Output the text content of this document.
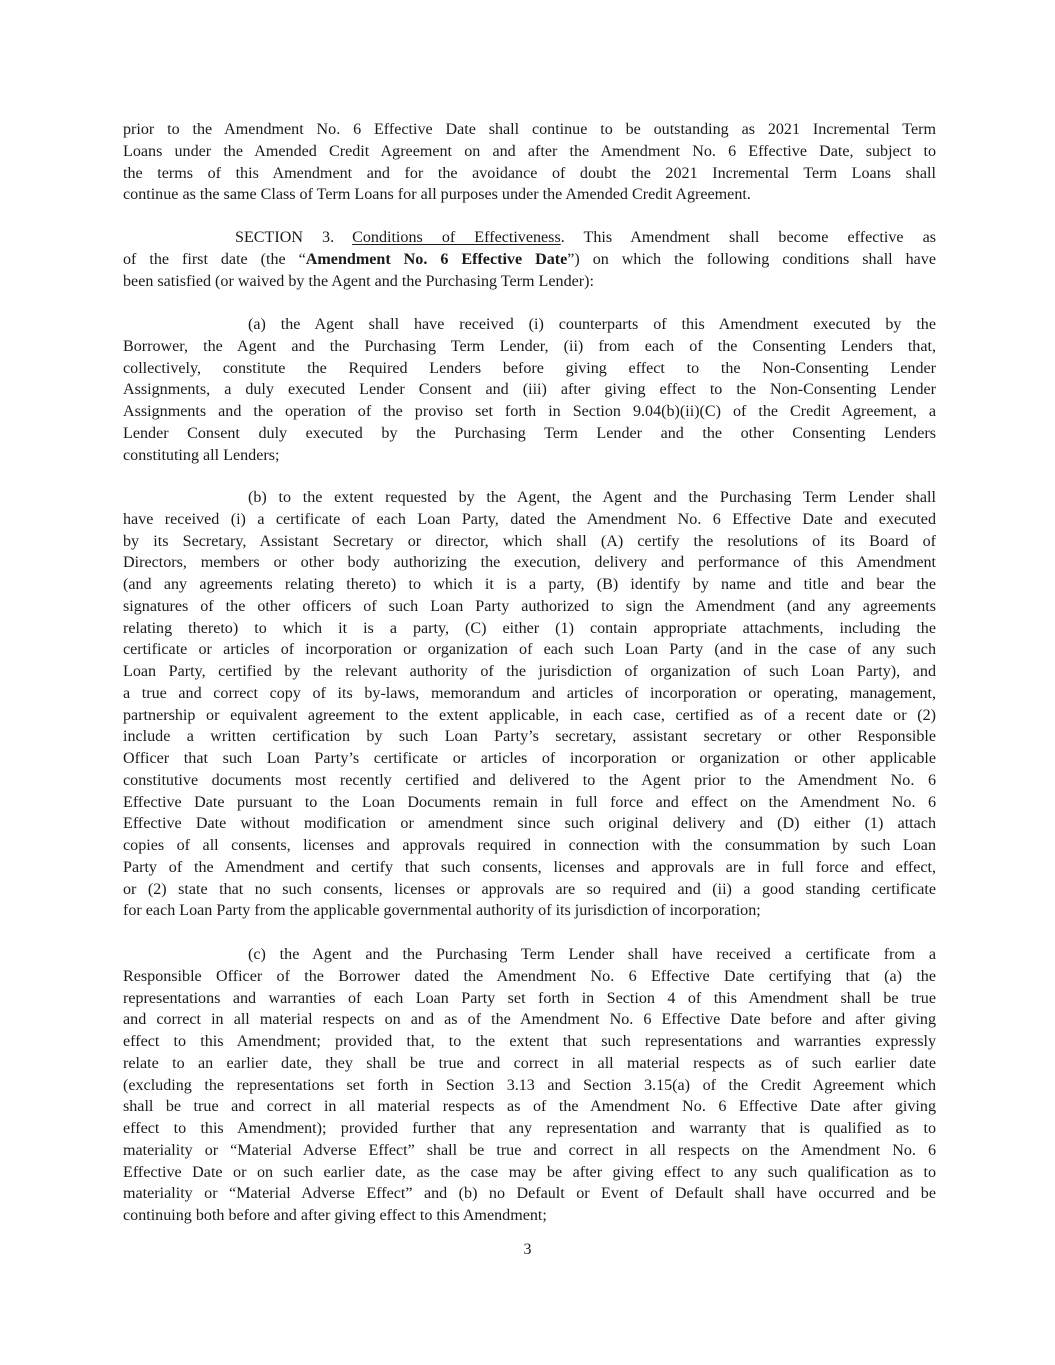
prior to the Amendment No. 6 Effective Date shall continue to be outstanding as 2021 Incremental Term
Loans under the Amended Credit Agreement on and after the Amendment No. 6 Effective Date, subject to
the terms of this Amendment and for the avoidance of doubt the 2021 Incremental Term Loans shall
continue as the same Class of Term Loans for all purposes under the Amended Credit Agreement.
SECTION 3. Conditions of Effectiveness. This Amendment shall become effective as
of the first date (the “Amendment No. 6 Effective Date”) on which the following conditions shall have
been satisfied (or waived by the Agent and the Purchasing Term Lender):
(a) the Agent shall have received (i) counterparts of this Amendment executed by the
Borrower, the Agent and the Purchasing Term Lender, (ii) from each of the Consenting Lenders that,
collectively, constitute the Required Lenders before giving effect to the Non-Consenting Lender
Assignments, a duly executed Lender Consent and (iii) after giving effect to the Non-Consenting Lender
Assignments and the operation of the proviso set forth in Section 9.04(b)(ii)(C) of the Credit Agreement, a
Lender Consent duly executed by the Purchasing Term Lender and the other Consenting Lenders
constituting all Lenders;
(b) to the extent requested by the Agent, the Agent and the Purchasing Term Lender shall
have received (i) a certificate of each Loan Party, dated the Amendment No. 6 Effective Date and executed
by its Secretary, Assistant Secretary or director, which shall (A) certify the resolutions of its Board of
Directors, members or other body authorizing the execution, delivery and performance of this Amendment
(and any agreements relating thereto) to which it is a party, (B) identify by name and title and bear the
signatures of the other officers of such Loan Party authorized to sign the Amendment (and any agreements
relating thereto) to which it is a party, (C) either (1) contain appropriate attachments, including the
certificate or articles of incorporation or organization of each such Loan Party (and in the case of any such
Loan Party, certified by the relevant authority of the jurisdiction of organization of such Loan Party), and
a true and correct copy of its by-laws, memorandum and articles of incorporation or operating, management,
partnership or equivalent agreement to the extent applicable, in each case, certified as of a recent date or (2)
include a written certification by such Loan Party’s secretary, assistant secretary or other Responsible
Officer that such Loan Party’s certificate or articles of incorporation or organization or other applicable
constitutive documents most recently certified and delivered to the Agent prior to the Amendment No. 6
Effective Date pursuant to the Loan Documents remain in full force and effect on the Amendment No. 6
Effective Date without modification or amendment since such original delivery and (D) either (1) attach
copies of all consents, licenses and approvals required in connection with the consummation by such Loan
Party of the Amendment and certify that such consents, licenses and approvals are in full force and effect,
or (2) state that no such consents, licenses or approvals are so required and (ii) a good standing certificate
for each Loan Party from the applicable governmental authority of its jurisdiction of incorporation;
(c) the Agent and the Purchasing Term Lender shall have received a certificate from a
Responsible Officer of the Borrower dated the Amendment No. 6 Effective Date certifying that (a) the
representations and warranties of each Loan Party set forth in Section 4 of this Amendment shall be true
and correct in all material respects on and as of the Amendment No. 6 Effective Date before and after giving
effect to this Amendment; provided that, to the extent that such representations and warranties expressly
relate to an earlier date, they shall be true and correct in all material respects as of such earlier date
(excluding the representations set forth in Section 3.13 and Section 3.15(a) of the Credit Agreement which
shall be true and correct in all material respects as of the Amendment No. 6 Effective Date after giving
effect to this Amendment); provided further that any representation and warranty that is qualified as to
materiality or “Material Adverse Effect” shall be true and correct in all respects on the Amendment No. 6
Effective Date or on such earlier date, as the case may be after giving effect to any such qualification as to
materiality or “Material Adverse Effect” and (b) no Default or Event of Default shall have occurred and be
continuing both before and after giving effect to this Amendment;
3
